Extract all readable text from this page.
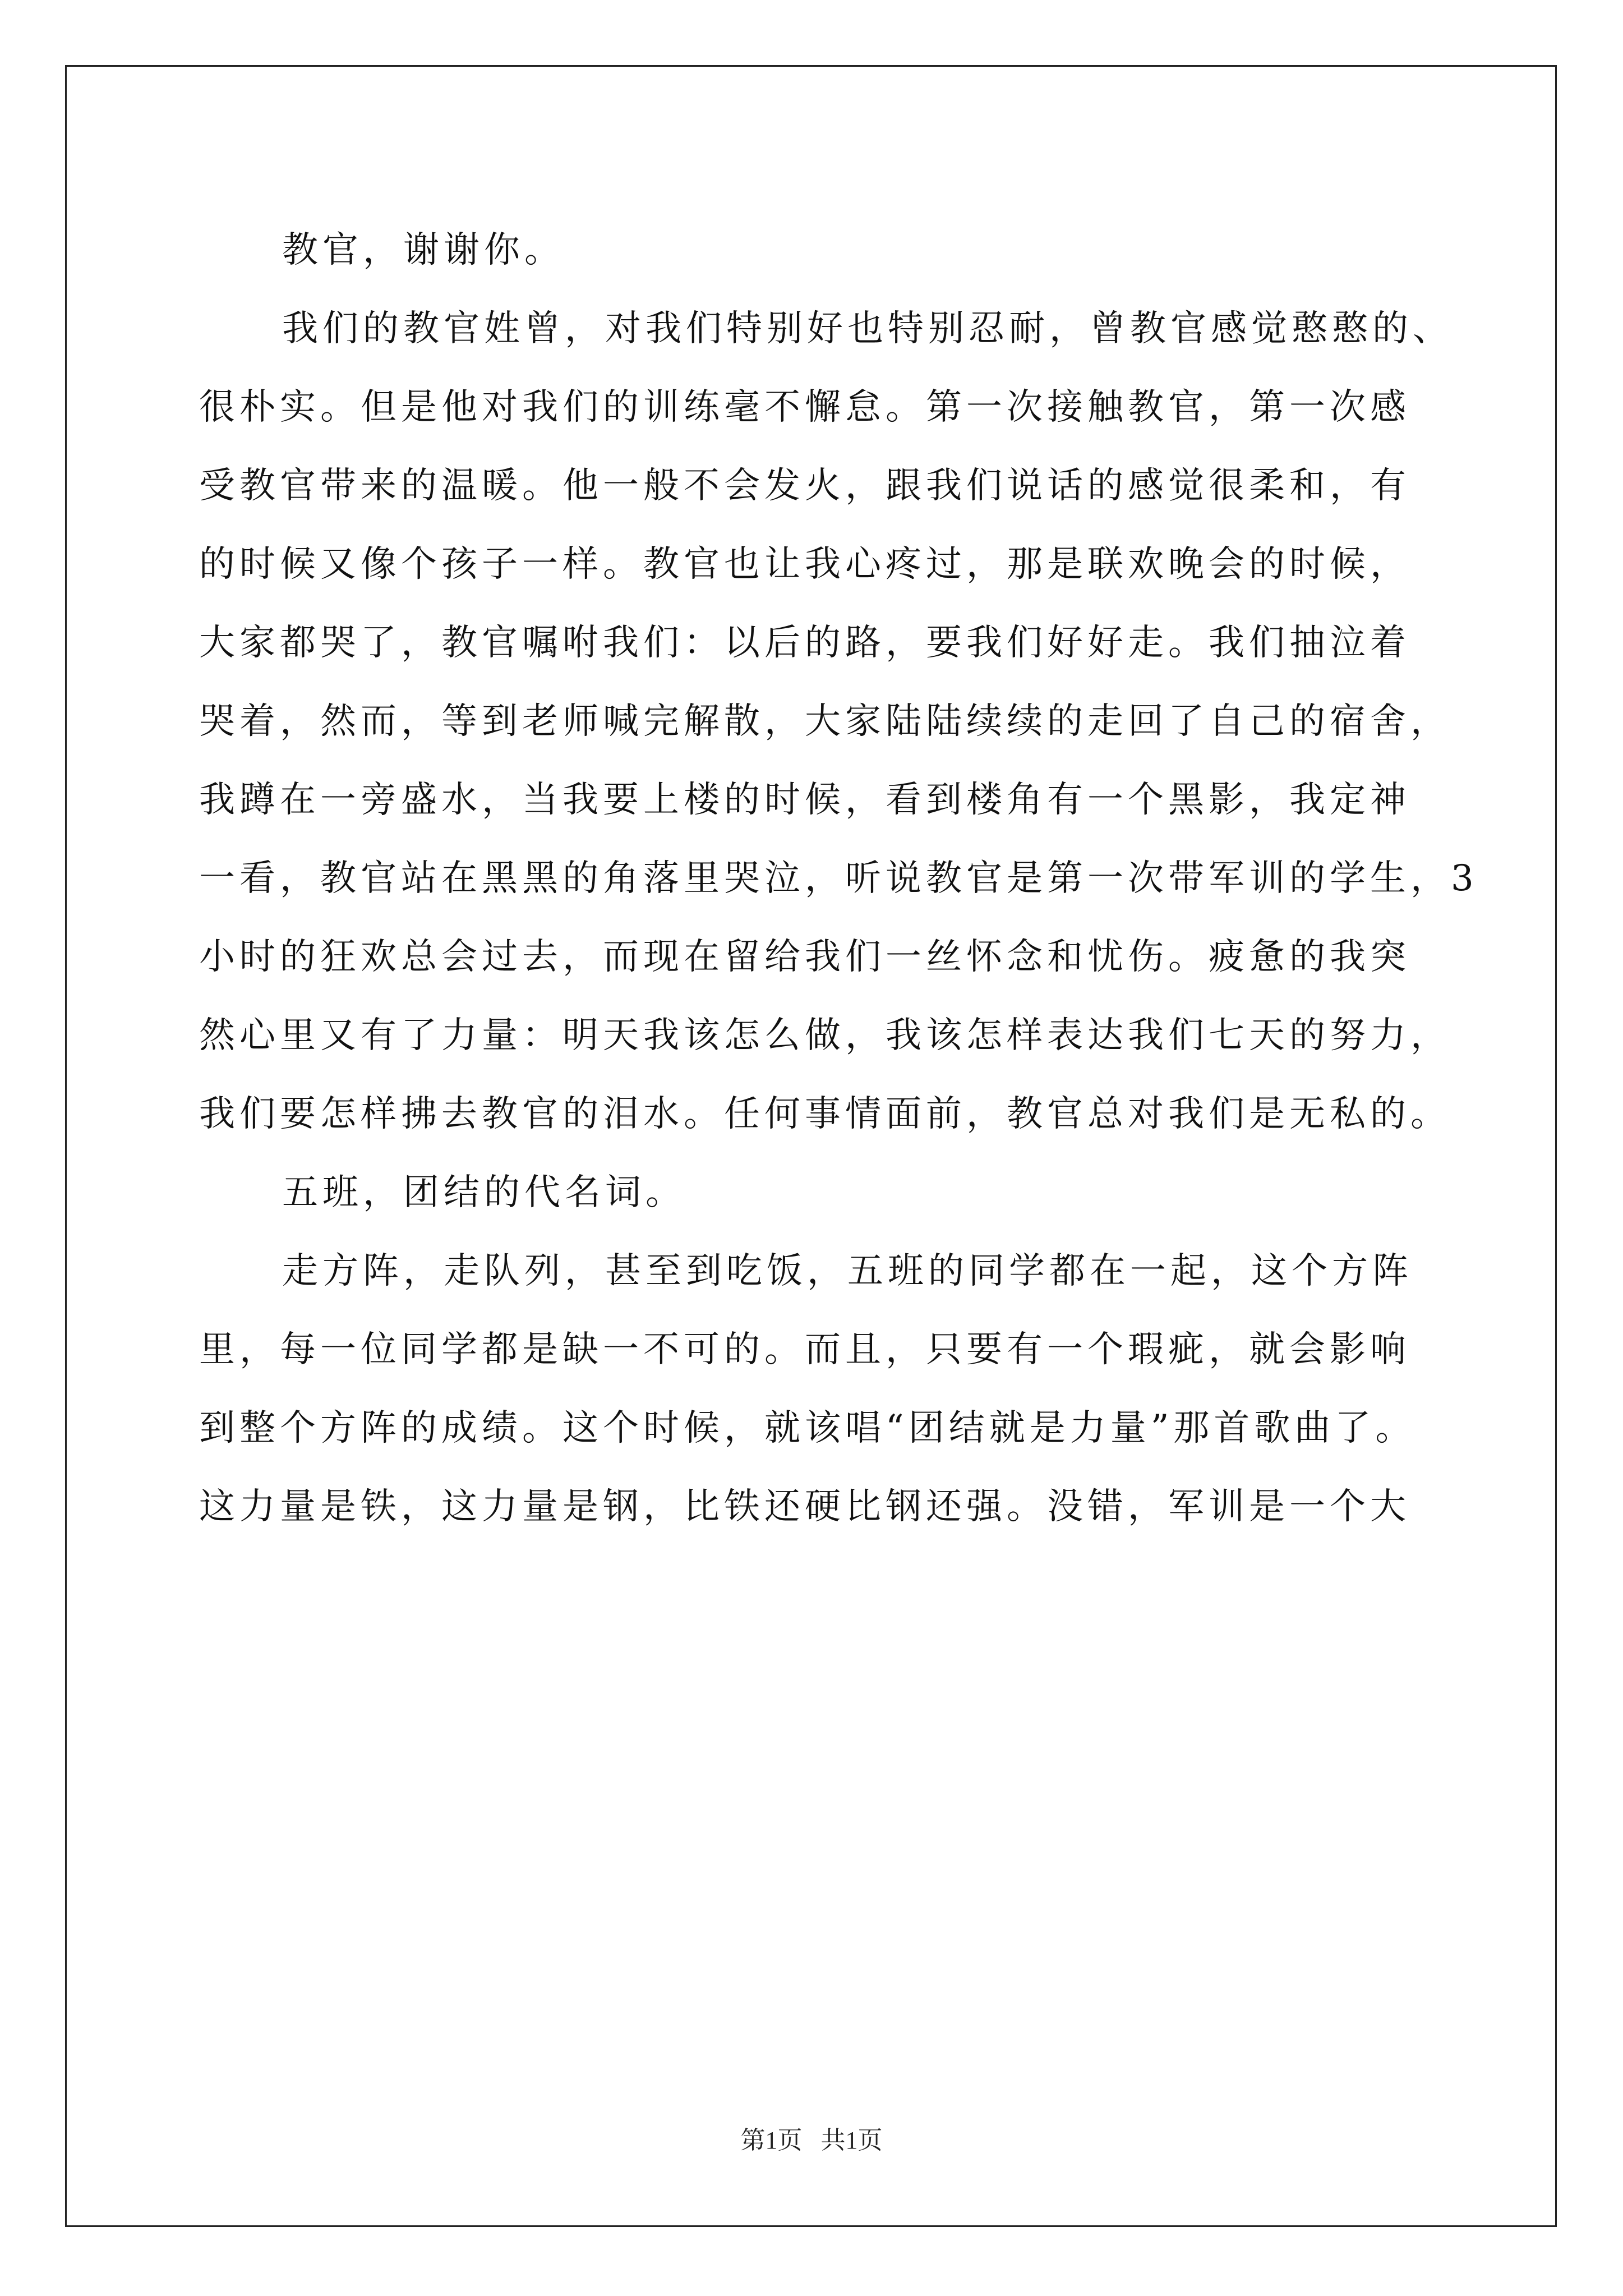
教官，谢谢你。
我们的教官姓曾，对我们特别好也特别忍耐，曾教官感觉憨憨的、
很朴实。但是他对我们的训练毫不懈怠。第一次接触教官，第一次感
受教官带来的温暖。他一般不会发火，跟我们说话的感觉很柔和，有
的时候又像个孩子一样。教官也让我心疼过，那是联欢晚会的时候，
大家都哭了，教官嘱咐我们：以后的路，要我们好好走。我们抽泣着
哭着，然而，等到老师喊完解散，大家陆陆续续的走回了自己的宿舍，
我蹲在一旁盛水，当我要上楼的时候，看到楼角有一个黑影，我定神
一看，教官站在黑黑的角落里哭泣，听说教官是第一次带军训的学生，3
小时的狂欢总会过去，而现在留给我们一丝怀念和忧伤。疲惫的我突
然心里又有了力量：明天我该怎么做，我该怎样表达我们七天的努力，
我们要怎样拂去教官的泪水。任何事情面前，教官总对我们是无私的。
五班，团结的代名词。
走方阵，走队列，甚至到吃饭，五班的同学都在一起，这个方阵
里，每一位同学都是缺一不可的。而且，只要有一个瑕疵，就会影响
到整个方阵的成绩。这个时候，就该唱“团结就是力量”那首歌曲了。
这力量是铁，这力量是钢，比铁还硬比钢还强。没错，军训是一个大
第1页   共1页
